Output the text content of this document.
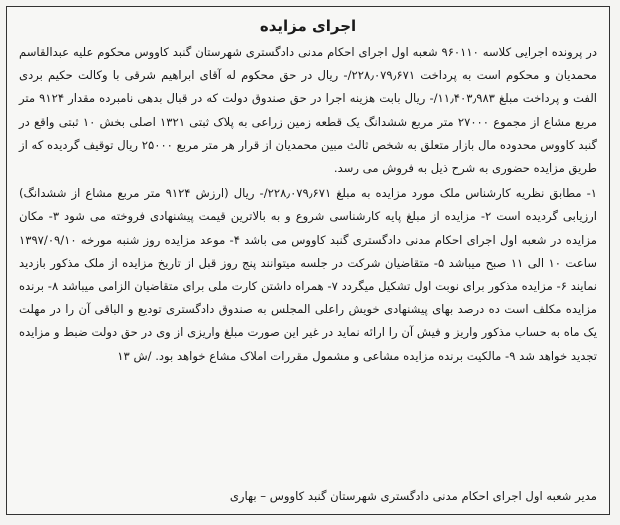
اجرای مزایده

در پرونده اجرایی کلاسه ۹۶۰۱۱۰ شعبه اول اجرای احکام مدنی دادگستری شهرستان گنبد کاووس محکوم علیه عبدالقاسم محمدیان و محکوم است به پرداخت ۲۲۸٫۰۷۹٫۶۷۱/- ریال در حق محکوم له آقای ابراهیم شرقی با وکالت حکیم بردی الفت و پرداخت مبلغ ۱۱٫۴۰۳٫۹۸۳/- ریال بابت هزینه اجرا در حق صندوق دولت که در قبال بدهی نامبرده مقدار ۹۱۲۴ متر مربع مشاع از مجموع ۲۷۰۰۰ متر مربع ششدانگ یک قطعه زمین زراعی به پلاک ثبتی ۱۳۲۱ اصلی بخش ۱۰ ثبتی واقع در گنبد کاووس محدوده مال بازار متعلق به شخص ثالث مبین محمدیان از قرار هر متر مربع ۲۵۰۰۰ ریال توقیف گردیده که از طریق مزایده حضوری به شرح ذیل به فروش می رسد.

۱- مطابق نظریه کارشناس ملک مورد مزایده به مبلغ ۲۲۸٫۰۷۹٫۶۷۱/- ریال (ارزش ۹۱۲۴ متر مربع مشاع از ششدانگ) ارزیابی گردیده است ۲- مزایده از مبلغ پایه کارشناسی شروع و به بالاترین قیمت پیشنهادی فروخته می شود ۳- مکان مزایده در شعبه اول اجرای احکام مدنی دادگستری گنبد کاووس می باشد ۴- موعد مزایده روز شنبه مورخه ۱۳۹۷/۰۹/۱۰ ساعت ۱۰ الی ۱۱ صبح میباشد ۵- متقاضیان شرکت در جلسه میتوانند پنج روز قبل از تاریخ مزایده از ملک مذکور بازدید نمایند ۶- مزایده مذکور برای نوبت اول تشکیل میگردد ۷- همراه داشتن کارت ملی برای متقاضیان الزامی میباشد ۸- برنده مزایده مکلف است ده درصد بهای پیشنهادی خویش راعلی المجلس به صندوق دادگستری تودیع و الباقی آن را در مهلت یک ماه به حساب مذکور واریز و فیش آن را ارائه نماید در غیر این صورت مبلغ واریزی از وی در حق دولت ضبط و مزایده تجدید خواهد شد ۹- مالکیت برنده مزایده مشاعی و مشمول مقررات املاک مشاع خواهد بود. /ش ۱۳

مدیر شعبه اول اجرای احکام مدنی دادگستری شهرستان گنبد کاووس – بهاری
